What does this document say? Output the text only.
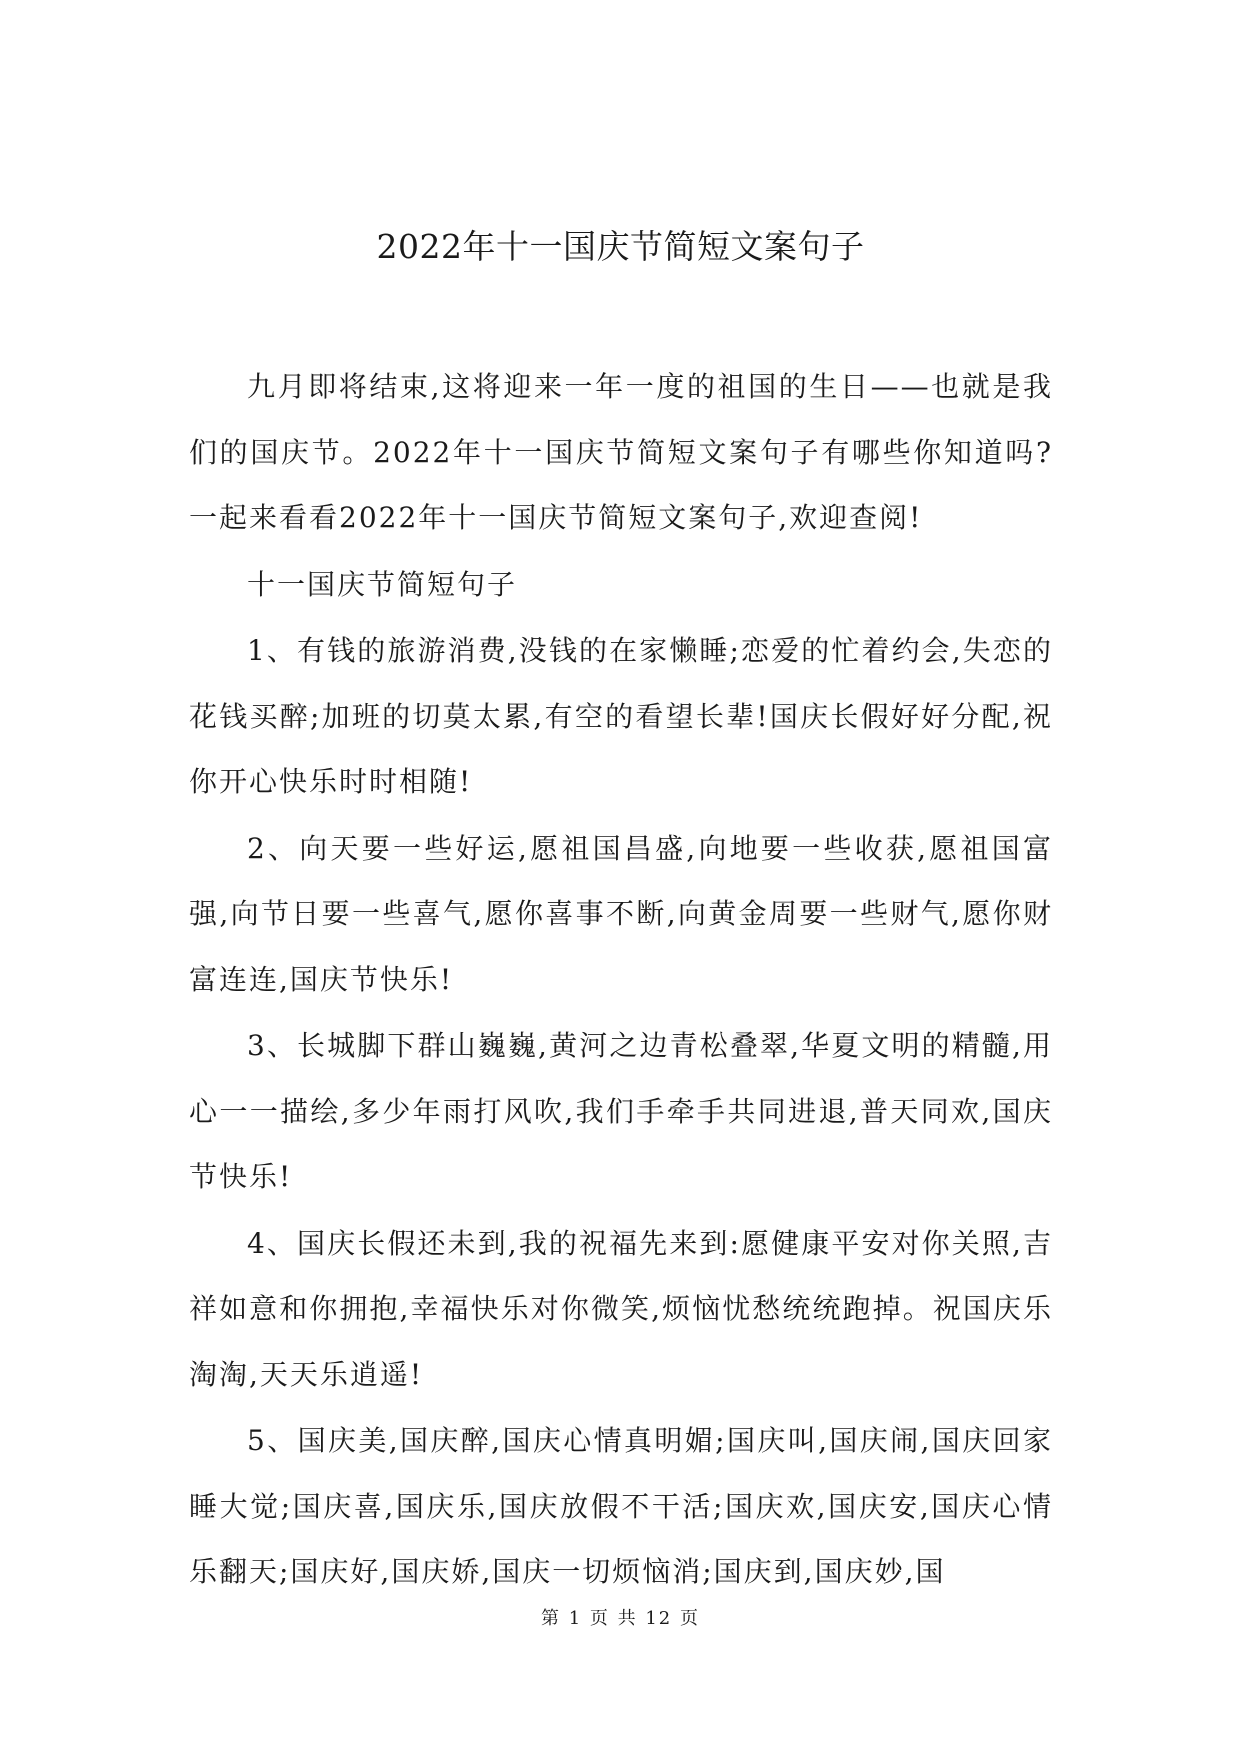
2022年十一国庆节简短文案句子

九月即将结束,这将迎来一年一度的祖国的生日——也就是我们的国庆节。2022年十一国庆节简短文案句子有哪些你知道吗?一起来看看2022年十一国庆节简短文案句子,欢迎查阅!

十一国庆节简短句子

1、有钱的旅游消费,没钱的在家懒睡;恋爱的忙着约会,失恋的花钱买醉;加班的切莫太累,有空的看望长辈!国庆长假好好分配,祝你开心快乐时时相随!

2、向天要一些好运,愿祖国昌盛,向地要一些收获,愿祖国富强,向节日要一些喜气,愿你喜事不断,向黄金周要一些财气,愿你财富连连,国庆节快乐!

3、长城脚下群山巍巍,黄河之边青松叠翠,华夏文明的精髓,用心一一描绘,多少年雨打风吹,我们手牵手共同进退,普天同欢,国庆节快乐!

4、国庆长假还未到,我的祝福先来到:愿健康平安对你关照,吉祥如意和你拥抱,幸福快乐对你微笑,烦恼忧愁统统跑掉。祝国庆乐淘淘,天天乐逍遥!

5、国庆美,国庆醉,国庆心情真明媚;国庆叫,国庆闹,国庆回家睡大觉;国庆喜,国庆乐,国庆放假不干活;国庆欢,国庆安,国庆心情乐翻天;国庆好,国庆娇,国庆一切烦恼消;国庆到,国庆妙,国

第 1 页 共 12 页
